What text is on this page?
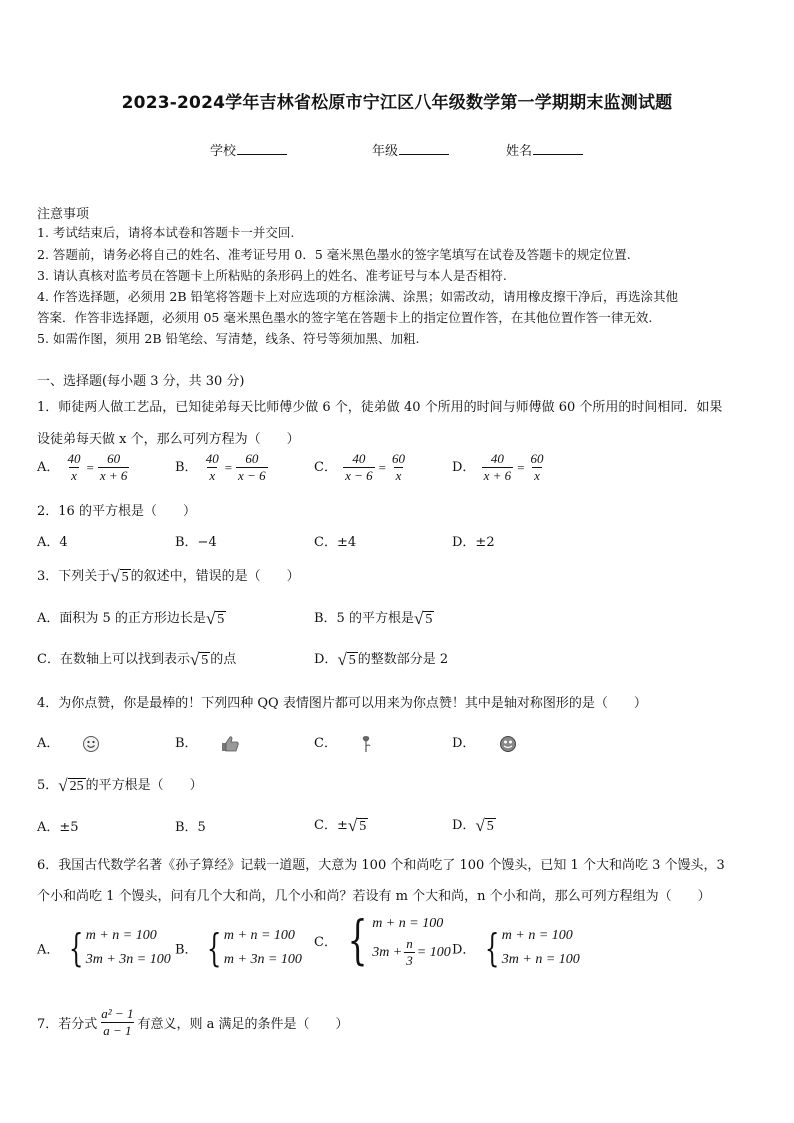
2023-2024学年吉林省松原市宁江区八年级数学第一学期期末监测试题
学校	年级	姓名
注意事项
1. 考试结束后，请将本试卷和答题卡一并交回.
2. 答题前，请务必将自己的姓名、准考证号用 0．5 毫米黑色墨水的签字笔填写在试卷及答题卡的规定位置.
3. 请认真核对监考员在答题卡上所粘贴的条形码上的姓名、准考证号与本人是否相符.
4. 作答选择题，必须用 2B 铅笔将答题卡上对应选项的方框涂满、涂黑；如需改动，请用橡皮擦干净后，再选涂其他
答案．作答非选择题，必须用 05 毫米黑色墨水的签字笔在答题卡上的指定位置作答，在其他位置作答一律无效.
5. 如需作图，须用 2B 铅笔绘、写清楚，线条、符号等须加黑、加粗.
一、选择题(每小题 3 分，共 30 分)
1．师徒两人做工艺品，已知徒弟每天比师傅少做 6 个，徒弟做 40 个所用的时间与师傅做 60 个所用的时间相同．如果
设徒弟每天做 x 个，那么可列方程为（　　）
A． $\frac{40}{x} = \frac{60}{x + 6}$	B． $\frac{40}{x} = \frac{60}{x - 6}$	C． $\frac{40}{x - 6} = \frac{60}{x}$	D． $\frac{40}{x + 6} = \frac{60}{x}$
2．16 的平方根是（　　）
A．4	B．−4	C．±4	D．±2
3．下列关于 √ 5 的叙述中，错误的是（　　）
A．面积为 5 的正方形边长是 √ 5	B．5 的平方根是 √ 5
C．在数轴上可以找到表示 √ 5 的点	D． √ 5 的整数部分是 2
4．为你点赞，你是最棒的！下列四种 QQ 表情图片都可以用来为你点赞！其中是轴对称图形的是（　　）
A．	B．	C．	D．
5． √ 25 的平方根是（　　）
A．±5	B．5	C．± √ 5	D． √ 5
6．我国古代数学名著《孙子算经》记载一道题，大意为 100 个和尚吃了 100 个馒头，已知 1 个大和尚吃 3 个馒头，3
个小和尚吃 1 个馒头，问有几个大和尚，几个小和尚？若设有 m 个大和尚，n 个小和尚，那么可列方程组为（　　）
A． { m + n = 100
3m + 3n = 100
B． { m + n = 100
m + 3n = 100
C． { m + n = 100
$3m + \frac{n}{3} = 100$ D． { m + n = 100
3m + n = 100
7．若分式 $\frac{\text{a² − 1}}{a - 1}$ 有意义，则 a 满足的条件是（　　）
